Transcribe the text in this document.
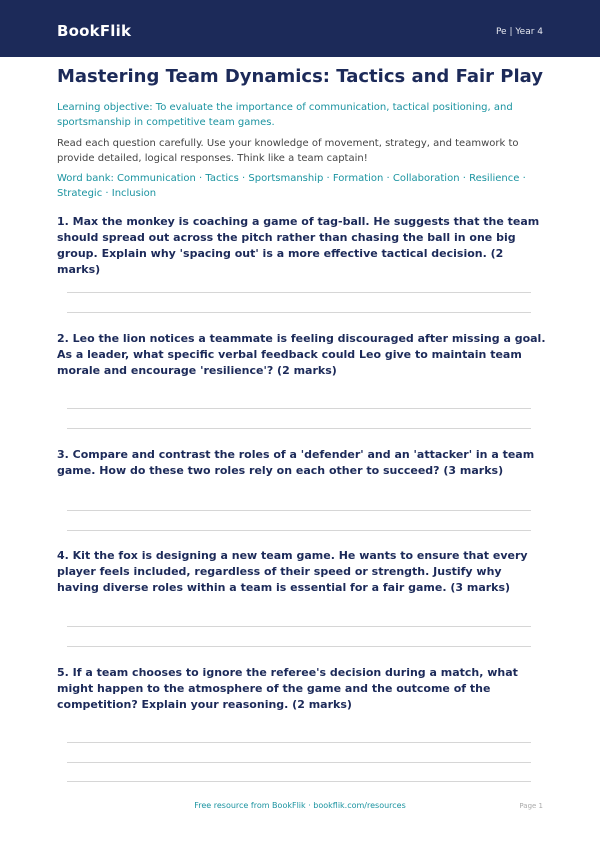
BookFlik	Pe | Year 4
Mastering Team Dynamics: Tactics and Fair Play
Learning objective: To evaluate the importance of communication, tactical positioning, and sportsmanship in competitive team games.
Read each question carefully. Use your knowledge of movement, strategy, and teamwork to provide detailed, logical responses. Think like a team captain!
Word bank: Communication · Tactics · Sportsmanship · Formation · Collaboration · Resilience · Strategic · Inclusion
1. Max the monkey is coaching a game of tag-ball. He suggests that the team should spread out across the pitch rather than chasing the ball in one big group. Explain why 'spacing out' is a more effective tactical decision. (2 marks)
2. Leo the lion notices a teammate is feeling discouraged after missing a goal. As a leader, what specific verbal feedback could Leo give to maintain team morale and encourage 'resilience'? (2 marks)
3. Compare and contrast the roles of a 'defender' and an 'attacker' in a team game. How do these two roles rely on each other to succeed? (3 marks)
4. Kit the fox is designing a new team game. He wants to ensure that every player feels included, regardless of their speed or strength. Justify why having diverse roles within a team is essential for a fair game. (3 marks)
5. If a team chooses to ignore the referee's decision during a match, what might happen to the atmosphere of the game and the outcome of the competition? Explain your reasoning. (2 marks)
Free resource from BookFlik · bookflik.com/resources	Page 1
